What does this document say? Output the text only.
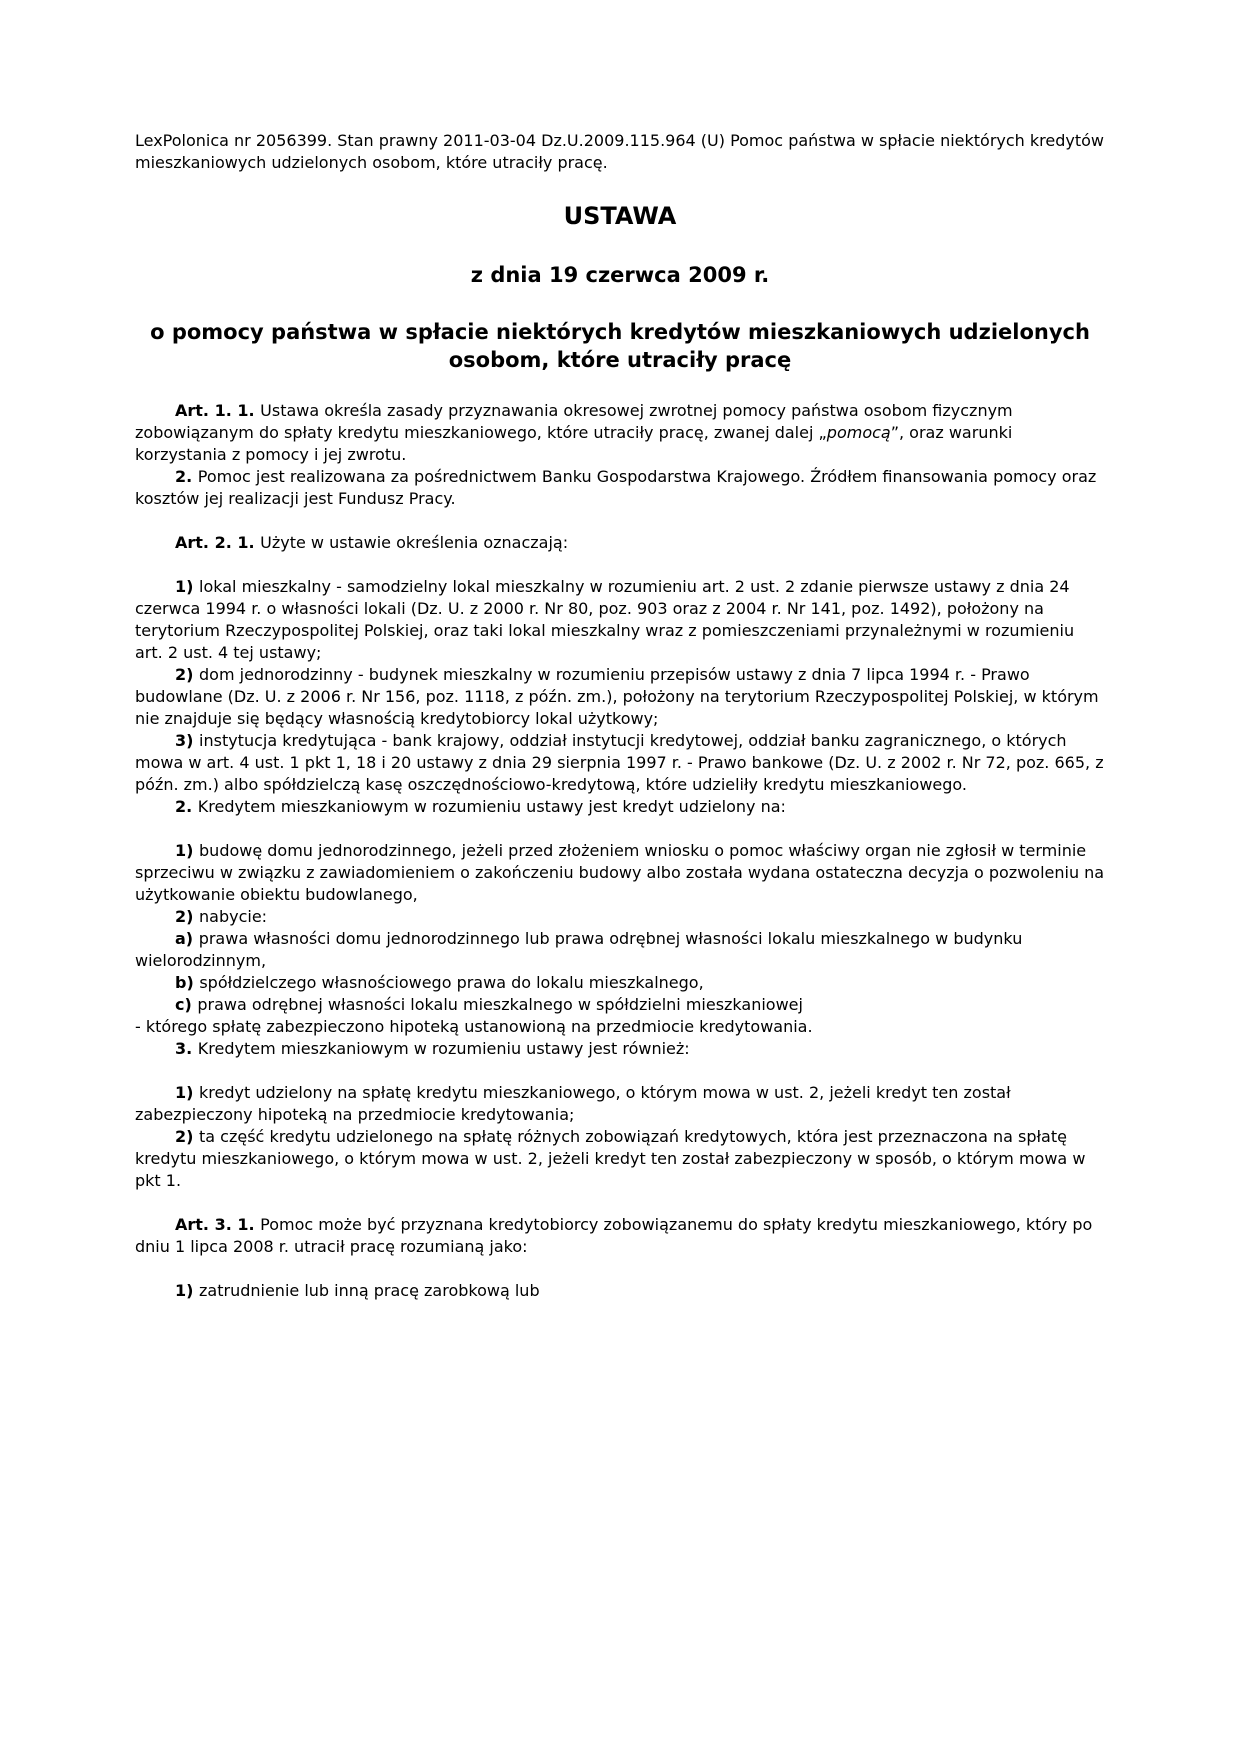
LexPolonica nr 2056399. Stan prawny 2011-03-04 Dz.U.2009.115.964 (U) Pomoc państwa w spłacie niektórych kredytów mieszkaniowych udzielonych osobom, które utraciły pracę.

USTAWA
z dnia 19 czerwca 2009 r.
o pomocy państwa w spłacie niektórych kredytów mieszkaniowych udzielonych osobom, które utraciły pracę

Art. 1. 1. Ustawa określa zasady przyznawania okresowej zwrotnej pomocy państwa osobom fizycznym zobowiązanym do spłaty kredytu mieszkaniowego, które utraciły pracę, zwanej dalej „pomocą”, oraz warunki korzystania z pomocy i jej zwrotu.

2. Pomoc jest realizowana za pośrednictwem Banku Gospodarstwa Krajowego. Źródłem finansowania pomocy oraz kosztów jej realizacji jest Fundusz Pracy.

Art. 2. 1. Użyte w ustawie określenia oznaczają:

1) lokal mieszkalny - samodzielny lokal mieszkalny w rozumieniu art. 2 ust. 2 zdanie pierwsze ustawy z dnia 24 czerwca 1994 r. o własności lokali (Dz. U. z 2000 r. Nr 80, poz. 903 oraz z 2004 r. Nr 141, poz. 1492), położony na terytorium Rzeczypospolitej Polskiej, oraz taki lokal mieszkalny wraz z pomieszczeniami przynależnymi w rozumieniu art. 2 ust. 4 tej ustawy;

2) dom jednorodzinny - budynek mieszkalny w rozumieniu przepisów ustawy z dnia 7 lipca 1994 r. - Prawo budowlane (Dz. U. z 2006 r. Nr 156, poz. 1118, z późn. zm.), położony na terytorium Rzeczypospolitej Polskiej, w którym nie znajduje się będący własnością kredytobiorcy lokal użytkowy;

3) instytucja kredytująca - bank krajowy, oddział instytucji kredytowej, oddział banku zagranicznego, o których mowa w art. 4 ust. 1 pkt 1, 18 i 20 ustawy z dnia 29 sierpnia 1997 r. - Prawo bankowe (Dz. U. z 2002 r. Nr 72, poz. 665, z późn. zm.) albo spółdzielczą kasę oszczędnościowo-kredytową, które udzieliły kredytu mieszkaniowego.

2. Kredytem mieszkaniowym w rozumieniu ustawy jest kredyt udzielony na:

1) budowę domu jednorodzinnego, jeżeli przed złożeniem wniosku o pomoc właściwy organ nie zgłosił w terminie sprzeciwu w związku z zawiadomieniem o zakończeniu budowy albo została wydana ostateczna decyzja o pozwoleniu na użytkowanie obiektu budowlanego,

2) nabycie:

a) prawa własności domu jednorodzinnego lub prawa odrębnej własności lokalu mieszkalnego w budynku wielorodzinnym,

b) spółdzielczego własnościowego prawa do lokalu mieszkalnego,

c) prawa odrębnej własności lokalu mieszkalnego w spółdzielni mieszkaniowej

- którego spłatę zabezpieczono hipoteką ustanowioną na przedmiocie kredytowania.

3. Kredytem mieszkaniowym w rozumieniu ustawy jest również:

1) kredyt udzielony na spłatę kredytu mieszkaniowego, o którym mowa w ust. 2, jeżeli kredyt ten został zabezpieczony hipoteką na przedmiocie kredytowania;

2) ta część kredytu udzielonego na spłatę różnych zobowiązań kredytowych, która jest przeznaczona na spłatę kredytu mieszkaniowego, o którym mowa w ust. 2, jeżeli kredyt ten został zabezpieczony w sposób, o którym mowa w pkt 1.

Art. 3. 1. Pomoc może być przyznana kredytobiorcy zobowiązanemu do spłaty kredytu mieszkaniowego, który po dniu 1 lipca 2008 r. utracił pracę rozumianą jako:

1) zatrudnienie lub inną pracę zarobkową lub
